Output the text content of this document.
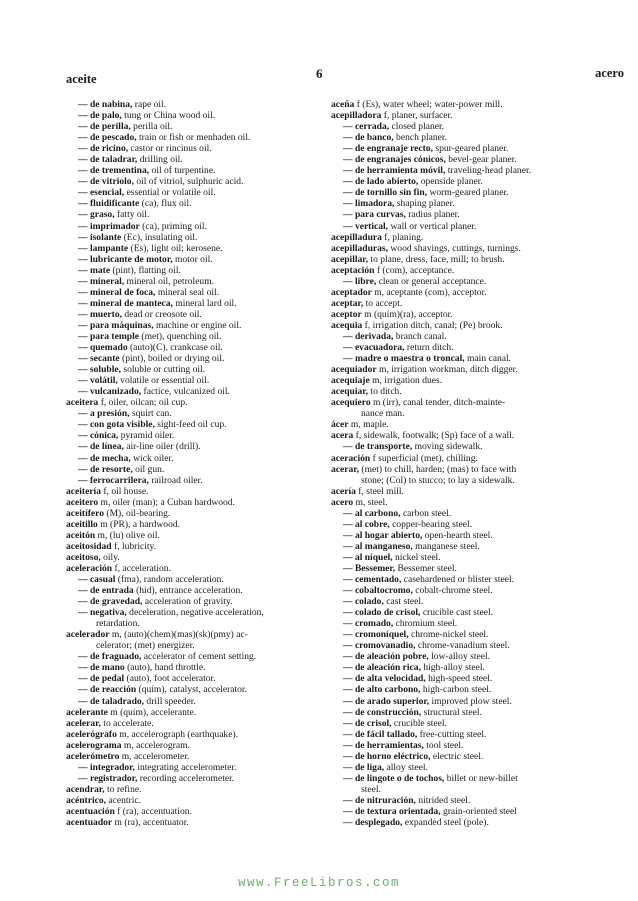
aceite	6	acero
— de nabina, rape oil.
— de palo, tung or China wood oil.
— de perilla, perilla oil.
— de pescado, train or fish or menhaden oil.
— de ricino, castor or rincinus oil.
— de taladrar, drilling oil.
— de trementina, oil of turpentine.
— de vitriolo, oil of vitriol, sulphuric acid.
— esencial, essential or volatile oil.
— fluidificante (ca), flux oil.
— graso, fatty oil.
— imprimador (ca), priming oil.
— isolante (Ec), insulating oil.
— lampante (Es), light oil; kerosene.
— lubricante de motor, motor oil.
— mate (pint), flatting oil.
— mineral, mineral oil, petroleum.
— mineral de foca, mineral seal oil.
— mineral de manteca, mineral lard oil.
— muerto, dead or creosote oil.
— para máquinas, machine or engine oil.
— para temple (met), quenching oil.
— quemado (auto)(C), crankcase oil.
— secante (pint), boiled or drying oil.
— soluble, soluble or cutting oil.
— volátil, volatile or essential oil.
— vulcanizado, factice, vulcanized oil.
aceitera f, oiler, oilcan; oil cup.
— a presión, squirt can.
— con gota visible, sight-feed oil cup.
— cónica, pyramid oiler.
— de línea, air-line oiler (drill).
— de mecha, wick oiler.
— de resorte, oil gun.
— ferrocarrilera, railroad oiler.
aceitería f, oil house.
aceitero m, oiler (man); a Cuban hardwood.
aceitífero (M), oil-bearing.
aceitillo m (PR), a hardwood.
aceitón m, (lu) olive oil.
aceitosidad f, lubricity.
aceitoso, oily.
aceleración f, acceleration.
— casual (fma), random acceleration.
— de entrada (hid), entrance acceleration.
— de gravedad, acceleration of gravity.
— negativa, deceleration, negative acceleration,
retardation.
acelerador m, (auto)(chem)(mas)(sk)(pmy) ac-
celerator; (met) energizer.
— de fraguado, accelerator of cement setting.
— de mano (auto), hand throttle.
— de pedal (auto), foot accelerator.
— de reacción (quím), catalyst, accelerator.
— de taladrado, drill speeder.
acelerante m (quím), accelerante.
acelerar, to accelerate.
acelerógrafo m, accelerograph (earthquake).
acelerograma m, accelerogram.
acelerómetro m, accelerometer.
— integrador, integrating accelerometer.
— registrador, recording accelerometer.
acendrar, to refine.
acéntrico, acentric.
acentuación f (ra), accentuation.
acentuador m (ra), accentuator.
aceña f (Es), water wheel; water-power mill.
acepilladora f, planer, surfacer.
— cerrada, closed planer.
— de banco, bench planer.
— de engranaje recto, spur-geared planer.
— de engranajes cónicos, bevel-gear planer.
— de herramienta móvil, traveling-head planer.
— de lado abierto, openside planer.
— de tornillo sin fin, worm-geared planer.
— limadora, shaping planer.
— para curvas, radius planer.
— vertical, wall or vertical planer.
acepilladura f, planing.
acepilladuras, wood shavings, cuttings, turnings.
acepillar, to plane, dress, face, mill; to brush.
aceptación f (com), acceptance.
— libre, clean or general acceptance.
aceptador m, aceptante (com), acceptor.
aceptar, to accept.
aceptor m (quím)(ra), acceptor.
acequia f, irrigation ditch, canal; (Pe) brook.
— derivada, branch canal.
— evacuadora, return ditch.
— madre o maestra o troncal, main canal.
acequiador m, irrigation workman, ditch digger.
acequiaje m, irrigation dues.
acequiar, to ditch.
acequiero m (irr), canal tender, ditch-mainte-
nance man.
ácer m, maple.
acera f, sidewalk, footwalk; (Sp) face of a wall.
— de transporte, moving sidewalk.
aceración f superficial (met), chilling.
acerar, (met) to chill, harden; (mas) to face with
stone; (Col) to stucco; to lay a sidewalk.
acería f, steel mill.
acero m, steel.
— al carbono, carbon steel.
— al cobre, copper-bearing steel.
— al hogar abierto, open-hearth steel.
— al manganeso, manganese steel.
— al níquel, nickel steel.
— Bessemer, Bessemer steel.
— cementado, casehardened or blister steel.
— cobaltocromo, cobalt-chrome steel.
— colado, cast steel.
— colado de crisol, crucible cast steel.
— cromado, chromium steel.
— cromoníquel, chrome-nickel steel.
— cromovanadio, chrome-vanadium steel.
— de aleación pobre, low-alloy steel.
— de aleación rica, high-alloy steel.
— de alta velocidad, high-speed steel.
— de alto carbono, high-carbon steel.
— de arado superior, improved plow steel.
— de construcción, structural steel.
— de crisol, crucible steel.
— de fácil tallado, free-cutting steel.
— de herramientas, tool steel.
— de horno eléctrico, electric steel.
— de liga, alloy steel.
— de lingote o de tochos, billet or new-billet
steel.
— de nitruración, nitrided steel.
— de textura orientada, grain-oriented steel
— desplegado, expanded steel (pole).
www.FreeLibros.com
